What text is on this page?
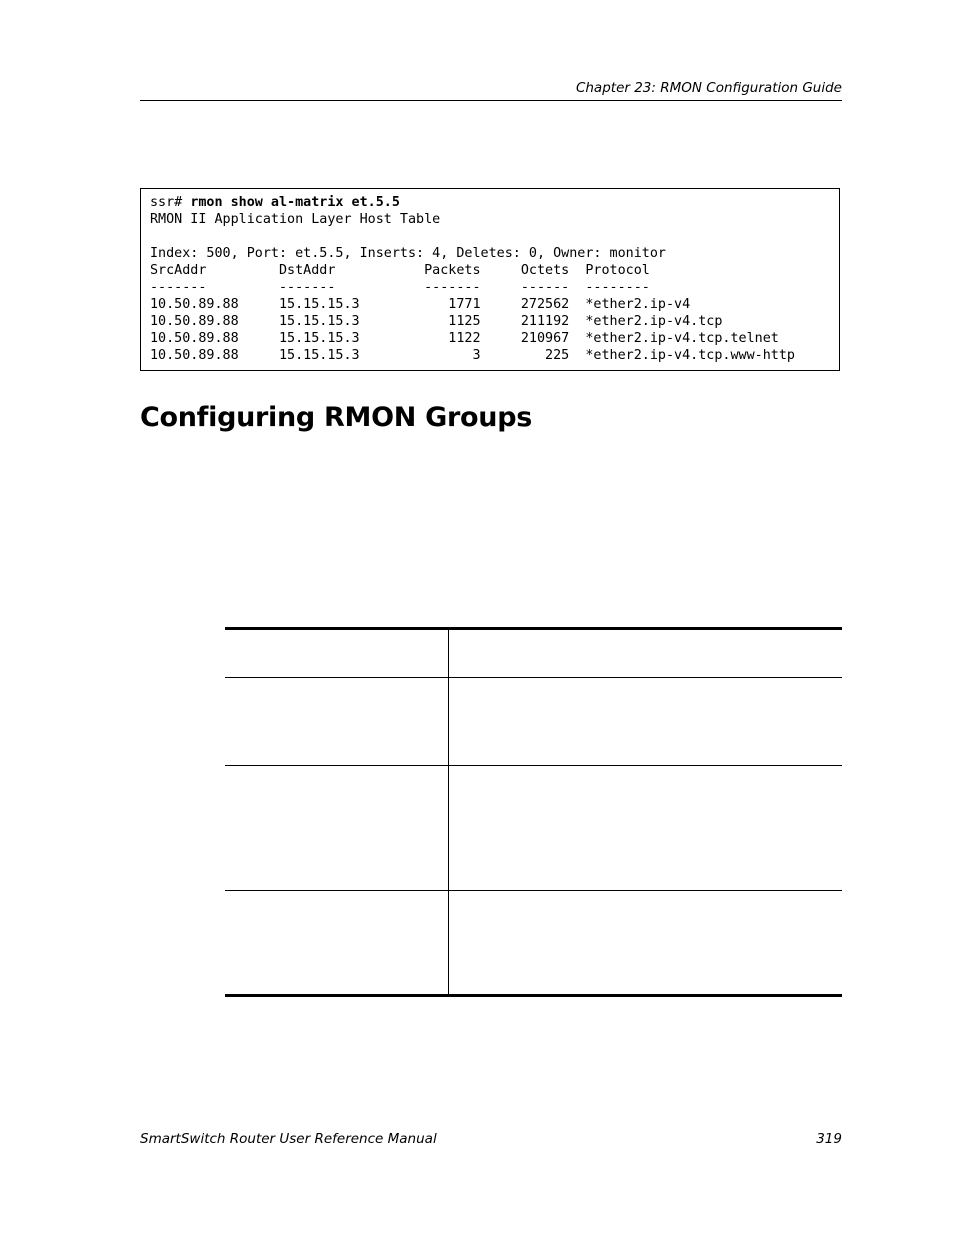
Chapter 23: RMON Configuration Guide
ssr# rmon show al-matrix et.5.5
RMON II Application Layer Host Table

Index: 500, Port: et.5.5, Inserts: 4, Deletes: 0, Owner: monitor
SrcAddr         DstAddr           Packets     Octets  Protocol
-------         -------           -------     ------  --------
10.50.89.88     15.15.15.3           1771     272562  *ether2.ip-v4
10.50.89.88     15.15.15.3           1125     211192  *ether2.ip-v4.tcp
10.50.89.88     15.15.15.3           1122     210967  *ether2.ip-v4.tcp.telnet
10.50.89.88     15.15.15.3              3        225  *ether2.ip-v4.tcp.www-http
Configuring RMON Groups
SmartSwitch Router User Reference Manual	319
